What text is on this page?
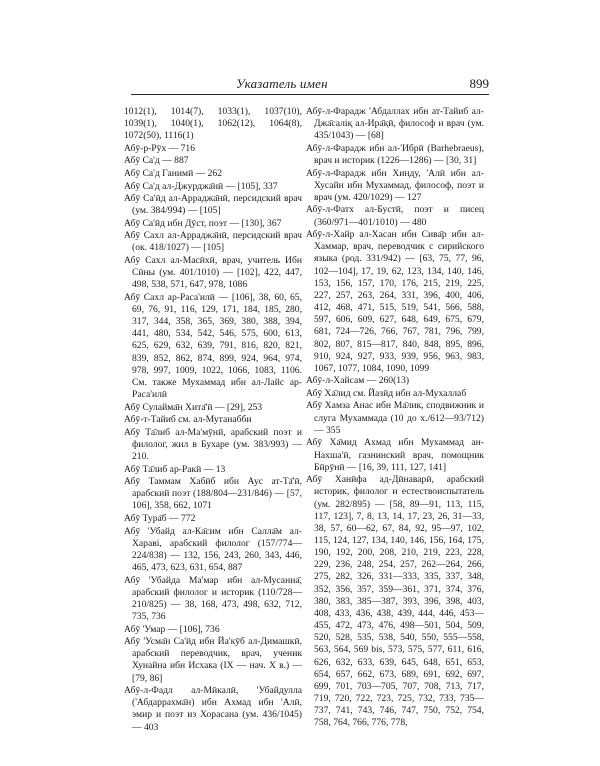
Указатель имен	899

1012(1), 1014(7), 1033(1), 1037(10), 1039(1), 1040(1), 1062(12), 1064(8), 1072(50), 1116(1)

Абӯ-р-Рӯх — 716

Абӯ Са'д — 887

Абӯ Са'д Ганимӣ — 262

Абӯ Са'д ал-Джурджа̄нӣ — [105], 337

Абӯ Са'ӣд ал-Арраджа̄нӣ, персидский врач (ум. 384/994) — [105]

Абӯ Са'ӣд ибн Дӯст, поэт — [130], 367

Абӯ Сахл ал-Арраджа̄нӣ, персидский врач (ок. 418/1027) — [105]

Абӯ Сахл ал-Масӣхӣ, врач, учитель Ибн Сӣны (ум. 401/1010) — [102], 422, 447, 498, 538, 571, 647, 978, 1086

Абӯ Сахл ар-Раса'илӣ — [106], 38, 60, 65, 69, 76, 91, 116, 129, 171, 184, 185, 280, 317, 344, 358, 365, 369, 380, 388, 394, 441, 480, 534, 542, 546, 575, 600, 613, 625, 629, 632, 639, 791, 816, 820, 821, 839, 852, 862, 874, 899, 924, 964, 974, 978, 997, 1009, 1022, 1066, 1083, 1106. См. также Мухаммад ибн ал-Лайс ар-Раса'илӣ

Абӯ Сулайма̄н Хита̄'ӣ — [29], 253

Абӯ-т-Тайиб см. ал-Мутанабби

Абӯ Та̄либ ал-Ма'мӯнӣ, арабский поэт и филолог, жил в Бухаре (ум. 383/993) — 210.

Абӯ Та̄либ ар-Ракӣ — 13

Абӯ Таммам Хабӣб ибн Аус ат-Та̄'ӣ, арабский поэт (188/804—231/846) — [57, 106], 358, 662, 1071

Абӯ Тура̄б — 772

Абӯ 'Убайд ал-Ка̄сим ибн Салла̄м ал-Хараві, арабский филолог (157/774—224/838) — 132, 156, 243, 260, 343, 446, 465, 473, 623, 631, 654, 887

Абӯ 'Убайда Ма'мар ибн ал-Мусанна̄, арабский филолог и историк (110/728—210/825) — 38, 168, 473, 498, 632, 712, 735, 736

Абӯ 'Умар — [106], 736

Абӯ 'Усма̄н Са'ӣд ибн Йа'кӯб ал-Димашкӣ, арабский переводчик, врач, ученик Хунайна ибн Исхака (IX — нач. X в.) — [79, 86]

Абӯ-л-Фадл ал-Мӣкалӣ, 'Убайдулла ('Абдаррахма̄н) ибн Ахмад ибн 'Алӣ, эмир и поэт из Хорасана (ум. 436/1045) — 403

Абӯ-л-Фарадж 'Абдаллах ибн ат-Тайиб ал-Джа̄саліқ ал-Ира̄қӣ, философ и врач (ум. 435/1043) — [68]

Абӯ-л-Фарадж ибн ал-'Ибрӣ (Barhebraeus), врач и историк (1226—1286) — [30, 31]

Абӯ-л-Фарадж ибн Хинду, 'Алӣ ибн ал-Хусайн ибн Мухаммад, философ, поэт и врач (ум. 420/1029) — 127

Абӯ-л-Фатх ал-Бустӣ, поэт и писец (360/971—401/1010) — 480

Абӯ-л-Хайр ал-Хасан ибн Сива̄р ибн ал-Хаммар, врач, переводчик с сирийского языка (род. 331/942) — [63, 75, 77, 96, 102—104], 17, 19, 62, 123, 134, 140, 146, 153, 156, 157, 170, 176, 215, 219, 225, 227, 257, 263, 264, 331, 396, 400, 406, 412, 468, 471, 515, 519, 541, 566, 588, 597, 606, 609, 627, 648, 649, 675, 679, 681, 724—726, 766, 767, 781, 796, 799, 802, 807, 815—817, 840, 848, 895, 896, 910, 924, 927, 933, 939, 956, 963, 983, 1067, 1077, 1084, 1090, 1099

Абӯ-л-Хайсам — 260(13)

Абӯ Ха̄лид см. Йазӣд ибн ал-Мухаллаб

Абӯ Хамза Анас ибн Ма̄лик, сподвижник и слуга Мухаммада (10 до х./612—93/712) — 355

Абӯ Ха̄мид Ахмад ибн Мухаммад ан-Нахша'ӣ, газнинский врач, помощник Бӣрӯнӣ — [16, 39, 111, 127, 141]

Абӯ Ханӣфа ад-Дӣнаварӣ, арабский историк, филолог и естествоиспытатель (ум. 282/895) — [58, 89—91, 113, 115, 117, 123], 7, 8, 13, 14, 17, 23, 26, 31—33, 38, 57, 60—62, 67, 84, 92, 95—97, 102, 115, 124, 127, 134, 140, 146, 156, 164, 175, 190, 192, 200, 208, 210, 219, 223, 228, 229, 236, 248, 254, 257, 262—264, 266, 275, 282, 326, 331—333, 335, 337, 348, 352, 356, 357, 359—361, 371, 374, 376, 380, 383, 385—387, 393, 396, 398, 403, 408, 433, 436, 438, 439, 444, 446, 453—455, 472, 473, 476, 498—501, 504, 509, 520, 528, 535, 538, 540, 550, 555—558, 563, 564, 569 bis, 573, 575, 577, 611, 616, 626, 632, 633, 639, 645, 648, 651, 653, 654, 657, 662, 673, 689, 691, 692, 697, 699, 701, 703—705, 707, 708, 713, 717, 719, 720, 722, 723, 725, 732, 733, 735—737, 741, 743, 746, 747, 750, 752, 754, 758, 764, 766, 776, 778,
